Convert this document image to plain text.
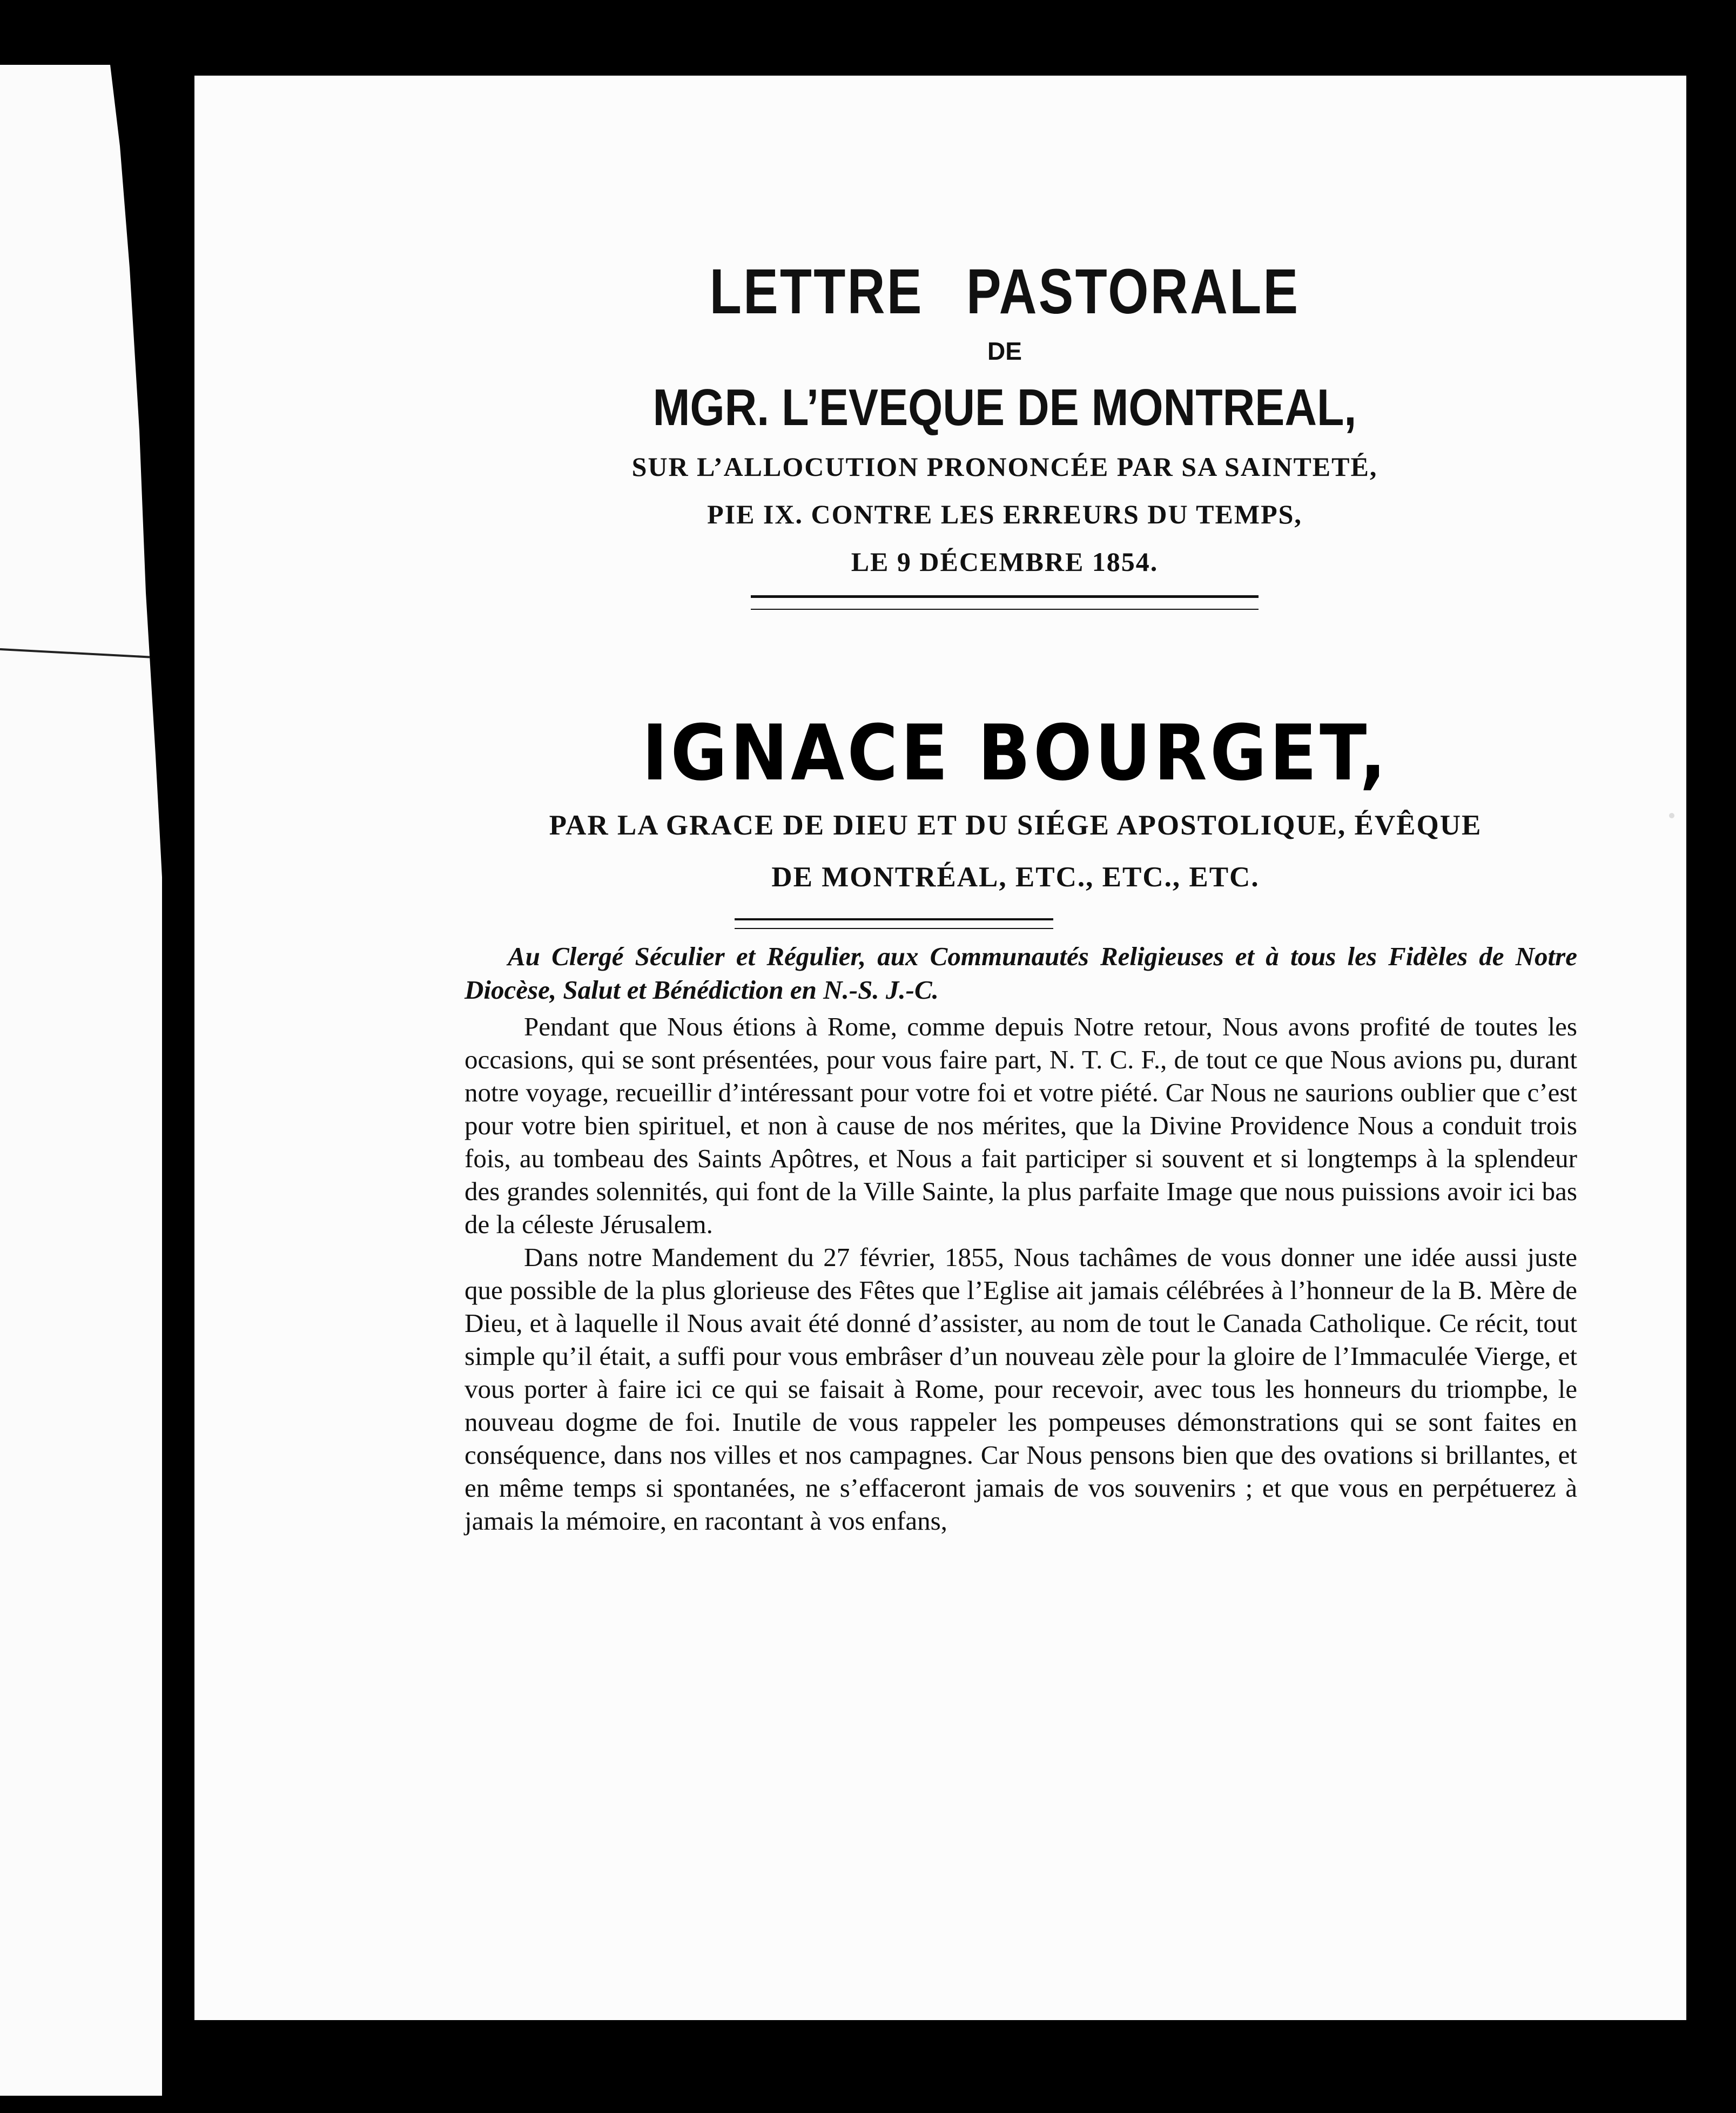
LETTRE PASTORALE

DE

MGR. L’EVEQUE DE MONTREAL,

SUR L’ALLOCUTION PRONONCÉE PAR SA SAINTETÉ,

PIE IX. CONTRE LES ERREURS DU TEMPS,

LE 9 DÉCEMBRE 1854.

IGNACE BOURGET,
PAR LA GRACE DE DIEU ET DU SIÉGE APOSTOLIQUE, ÉVÊQUE
DE MONTRÉAL, ETC., ETC., ETC.
Au Clergé Séculier et Régulier, aux Communautés Religieuses et à tous les Fidèles de Notre Diocèse, Salut et Bénédiction en N.-S. J.-C.

Pendant que Nous étions à Rome, comme depuis Notre retour, Nous avons profité de toutes les occasions, qui se sont présentées, pour vous faire part, N. T. C. F., de tout ce que Nous avions pu, durant notre voyage, recueillir d’intéressant pour votre foi et votre piété. Car Nous ne saurions oublier que c’est pour votre bien spirituel, et non à cause de nos mérites, que la Divine Providence Nous a conduit trois fois, au tombeau des Saints Apôtres, et Nous a fait participer si souvent et si longtemps à la splendeur des grandes solennités, qui font de la Ville Sainte, la plus parfaite Image que nous puissions avoir ici bas de la céleste Jérusalem.

Dans notre Mandement du 27 février, 1855, Nous tachâmes de vous donner une idée aussi juste que possible de la plus glorieuse des Fêtes que l’Eglise ait jamais célébrées à l’honneur de la B. Mère de Dieu, et à laquelle il Nous avait été donné d’assister, au nom de tout le Canada Catholique. Ce récit, tout simple qu’il était, a suffi pour vous embrâser d’un nouveau zèle pour la gloire de l’Immaculée Vierge, et vous porter à faire ici ce qui se faisait à Rome, pour recevoir, avec tous les honneurs du triompbe, le nouveau dogme de foi. Inutile de vous rappeler les pompeuses démonstrations qui se sont faites en conséquence, dans nos villes et nos campagnes. Car Nous pensons bien que des ovations si brillantes, et en même temps si spontanées, ne s’effaceront jamais de vos souvenirs ; et que vous en perpétuerez à jamais la mémoire, en racontant à vos enfans,
